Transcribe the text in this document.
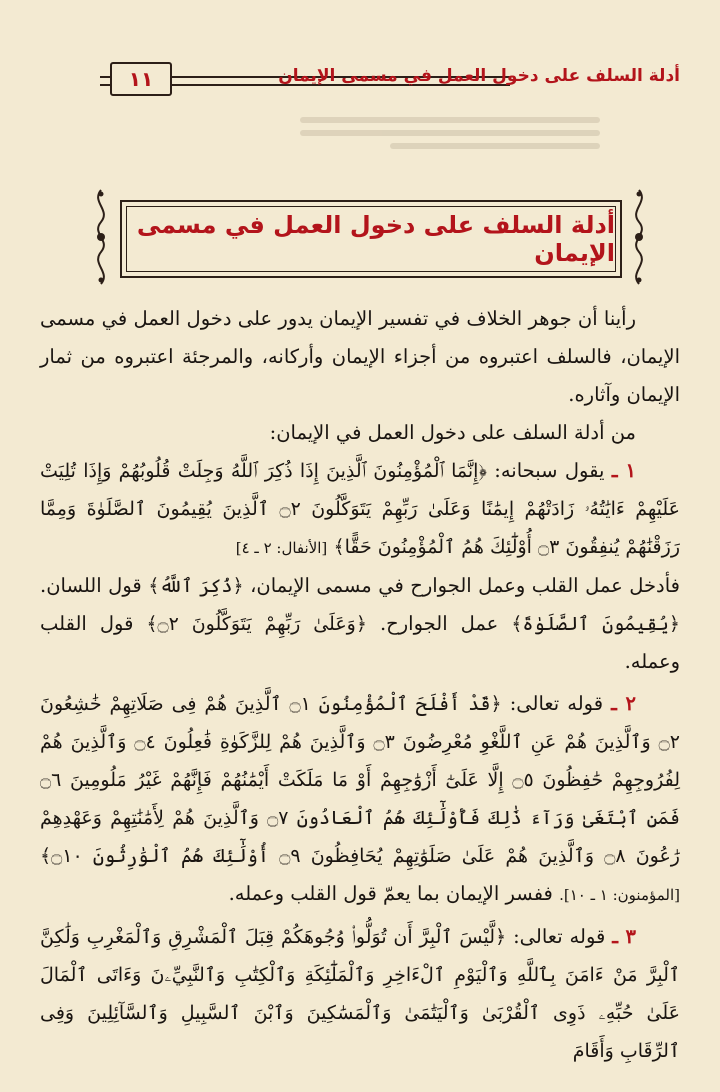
١١	أدلة السلف على دخول العمل في مسمى الإيمان
أدلة السلف على دخول العمل في مسمى الإيمان

رأينا أن جوهر الخلاف في تفسير الإيمان يدور على دخول العمل في مسمى الإيمان، فالسلف اعتبروه من أجزاء الإيمان وأركانه، والمرجئة اعتبروه من ثمار الإيمان وآثاره.

من أدلة السلف على دخول العمل في الإيمان:

١ ـ يقول سبحانه: ﴿إِنَّمَا ٱلْمُؤْمِنُونَ ٱلَّذِينَ إِذَا ذُكِرَ ٱللَّهُ وَجِلَتْ قُلُوبُهُمْ وَإِذَا تُلِيَتْ عَلَيْهِمْ ءَايَٰتُهُۥ زَادَتْهُمْ إِيمَٰنًا وَعَلَىٰ رَبِّهِمْ يَتَوَكَّلُونَ ۝٢ ٱلَّذِينَ يُقِيمُونَ ٱلصَّلَوٰةَ وَمِمَّا رَزَقْنَٰهُمْ يُنفِقُونَ ۝٣ أُوْلَٰٓئِكَ هُمُ ٱلْمُؤْمِنُونَ حَقًّا﴾ [الأنفال: ٢ ـ ٤]

فأدخل عمل القلب وعمل الجوارح في مسمى الإيمان، ﴿ذُكِرَ ٱللَّهُ﴾ قول اللسان. ﴿يُقِيمُونَ ٱلصَّلَوٰةَ﴾ عمل الجوارح. ﴿وَعَلَىٰ رَبِّهِمْ يَتَوَكَّلُونَ ۝٢﴾ قول القلب وعمله.

٢ ـ قوله تعالى: ﴿قَدْ أَفْلَحَ ٱلْمُؤْمِنُونَ ۝١ ٱلَّذِينَ هُمْ فِى صَلَاتِهِمْ خَٰشِعُونَ ۝٢ وَٱلَّذِينَ هُمْ عَنِ ٱللَّغْوِ مُعْرِضُونَ ۝٣ وَٱلَّذِينَ هُمْ لِلزَّكَوٰةِ فَٰعِلُونَ ۝٤ وَٱلَّذِينَ هُمْ لِفُرُوجِهِمْ حَٰفِظُونَ ۝٥ إِلَّا عَلَىٰٓ أَزْوَٰجِهِمْ أَوْ مَا مَلَكَتْ أَيْمَٰنُهُمْ فَإِنَّهُمْ غَيْرُ مَلُومِينَ ۝٦ فَمَنِ ٱبْتَغَىٰ وَرَآءَ ذَٰلِكَ فَأُوْلَٰٓئِكَ هُمُ ٱلْعَادُونَ ۝٧ وَٱلَّذِينَ هُمْ لِأَمَٰنَٰتِهِمْ وَعَهْدِهِمْ رَٰعُونَ ۝٨ وَٱلَّذِينَ هُمْ عَلَىٰ صَلَوَٰتِهِمْ يُحَافِظُونَ ۝٩ أُوْلَٰٓئِكَ هُمُ ٱلْوَٰرِثُونَ ۝١٠﴾ [المؤمنون: ١ ـ ١٠]. ففسر الإيمان بما يعمّ قول القلب وعمله.

٣ ـ قوله تعالى: ﴿لَّيْسَ ٱلْبِرَّ أَن تُوَلُّوا۟ وُجُوهَكُمْ قِبَلَ ٱلْمَشْرِقِ وَٱلْمَغْرِبِ وَلَٰكِنَّ ٱلْبِرَّ مَنْ ءَامَنَ بِٱللَّهِ وَٱلْيَوْمِ ٱلْءَاخِرِ وَٱلْمَلَٰٓئِكَةِ وَٱلْكِتَٰبِ وَٱلنَّبِيِّۦنَ وَءَاتَى ٱلْمَالَ عَلَىٰ حُبِّهِۦ ذَوِى ٱلْقُرْبَىٰ وَٱلْيَتَٰمَىٰ وَٱلْمَسَٰكِينَ وَٱبْنَ ٱلسَّبِيلِ وَٱلسَّآئِلِينَ وَفِى ٱلرِّقَابِ وَأَقَامَ
